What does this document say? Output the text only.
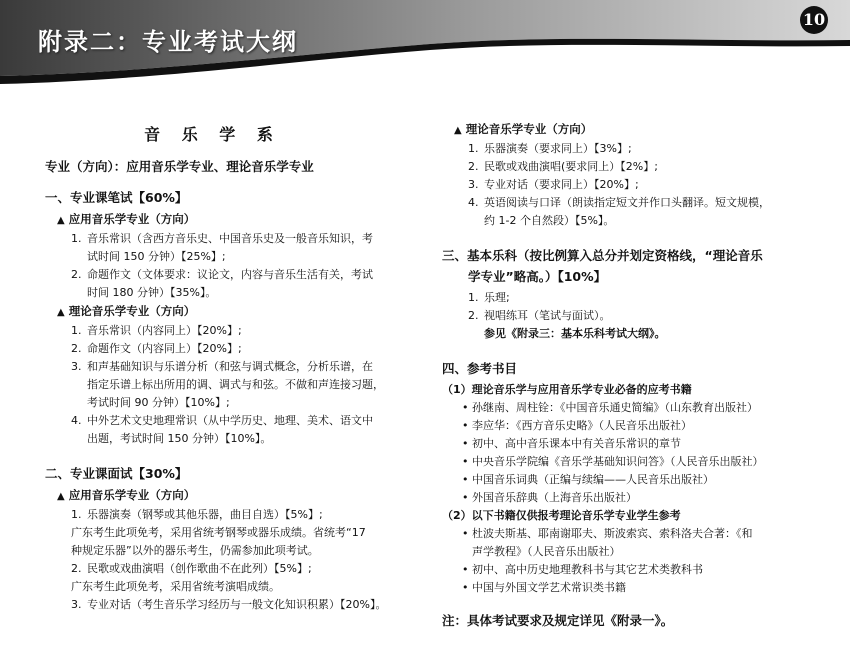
附录二：专业考试大纲
10
音 乐 学 系
专业（方向）：应用音乐学专业、理论音乐学专业
一、专业课笔试【60%】
▲ 应用音乐学专业（方向）
1. 音乐常识（含西方音乐史、中国音乐史及一般音乐知识，考
试时间 150 分钟）【25%】;
2. 命题作文（文体要求：议论文，内容与音乐生活有关，考试
时间 180 分钟）【35%】。
▲ 理论音乐学专业（方向）
1. 音乐常识（内容同上）【20%】;
2. 命题作文（内容同上）【20%】;
3. 和声基础知识与乐谱分析（和弦与调式概念，分析乐谱，在
指定乐谱上标出所用的调、调式与和弦。不做和声连接习题，
考试时间 90 分钟）【10%】;
4. 中外艺术文史地理常识（从中学历史、地理、美术、语文中
出题，考试时间 150 分钟）【10%】。
二、专业课面试【30%】
▲ 应用音乐学专业（方向）
1. 乐器演奏（钢琴或其他乐器，曲目自选）【5%】;
广东考生此项免考，采用省统考钢琴或器乐成绩。省统考“17
种规定乐器”以外的器乐考生，仍需参加此项考试。
2. 民歌或戏曲演唱（创作歌曲不在此列）【5%】;
广东考生此项免考，采用省统考演唱成绩。
3. 专业对话（考生音乐学习经历与一般文化知识积累）【20%】。
▲ 理论音乐学专业（方向）
1. 乐器演奏（要求同上）【3%】;
2. 民歌或戏曲演唱(要求同上）【2%】;
3. 专业对话（要求同上）【20%】;
4. 英语阅读与口译（朗读指定短文并作口头翻译。短文规模，
约 1-2 个自然段）【5%】。
三、基本乐科（按比例算入总分并划定资格线，“理论音乐
学专业”略高。）【10%】
1. 乐理;
2. 视唱练耳（笔试与面试）。
参见《附录三：基本乐科考试大纲》。
四、参考书目
（1）理论音乐学与应用音乐学专业必备的应考书籍
• 孙继南、周柱铨：《中国音乐通史简编》（山东教育出版社）
• 李应华：《西方音乐史略》（人民音乐出版社）
• 初中、高中音乐课本中有关音乐常识的章节
• 中央音乐学院编《音乐学基础知识问答》（人民音乐出版社）
• 中国音乐词典（正编与续编——人民音乐出版社）
• 外国音乐辞典（上海音乐出版社）
（2）以下书籍仅供报考理论音乐学专业学生参考
• 杜波夫斯基、耶南谢耶夫、斯波索宾、索科洛夫合著：《和
声学教程》（人民音乐出版社）
• 初中、高中历史地理教科书与其它艺术类教科书
• 中国与外国文学艺术常识类书籍
注：具体考试要求及规定详见《附录一》。
